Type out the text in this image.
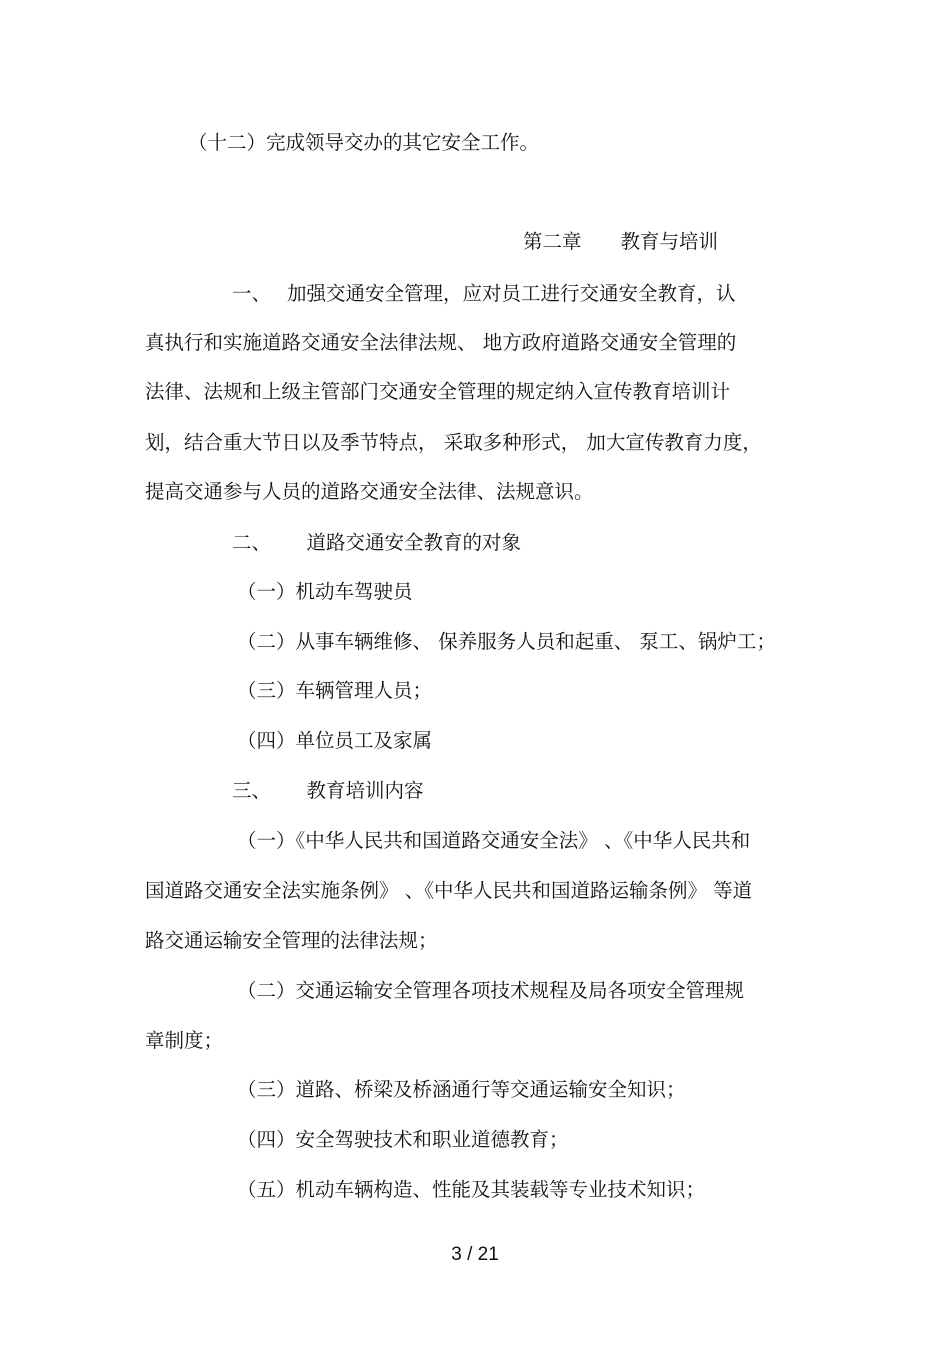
（十二）完成领导交办的其它安全工作。
第二章　　教育与培训
一、　 加强交通安全管理，应对员工进行交通安全教育，认
真执行和实施道路交通安全法律法规、 地方政府道路交通安全管理的
法律、法规和上级主管部门交通安全管理的规定纳入宣传教育培训计
划，结合重大节日以及季节特点， 采取多种形式， 加大宣传教育力度，
提高交通参与人员的道路交通安全法律、法规意识。
二、　　 道路交通安全教育的对象
（一）机动车驾驶员
（二）从事车辆维修、 保养服务人员和起重、 泵工、锅炉工；
（三）车辆管理人员；
（四）单位员工及家属
三、　　 教育培训内容
（一）《中华人民共和国道路交通安全法》 、《中华人民共和
国道路交通安全法实施条例》 、《中华人民共和国道路运输条例》 等道
路交通运输安全管理的法律法规；
（二）交通运输安全管理各项技术规程及局各项安全管理规
章制度；
（三）道路、桥梁及桥涵通行等交通运输安全知识；
（四）安全驾驶技术和职业道德教育；
（五）机动车辆构造、性能及其装载等专业技术知识；
3 / 21
